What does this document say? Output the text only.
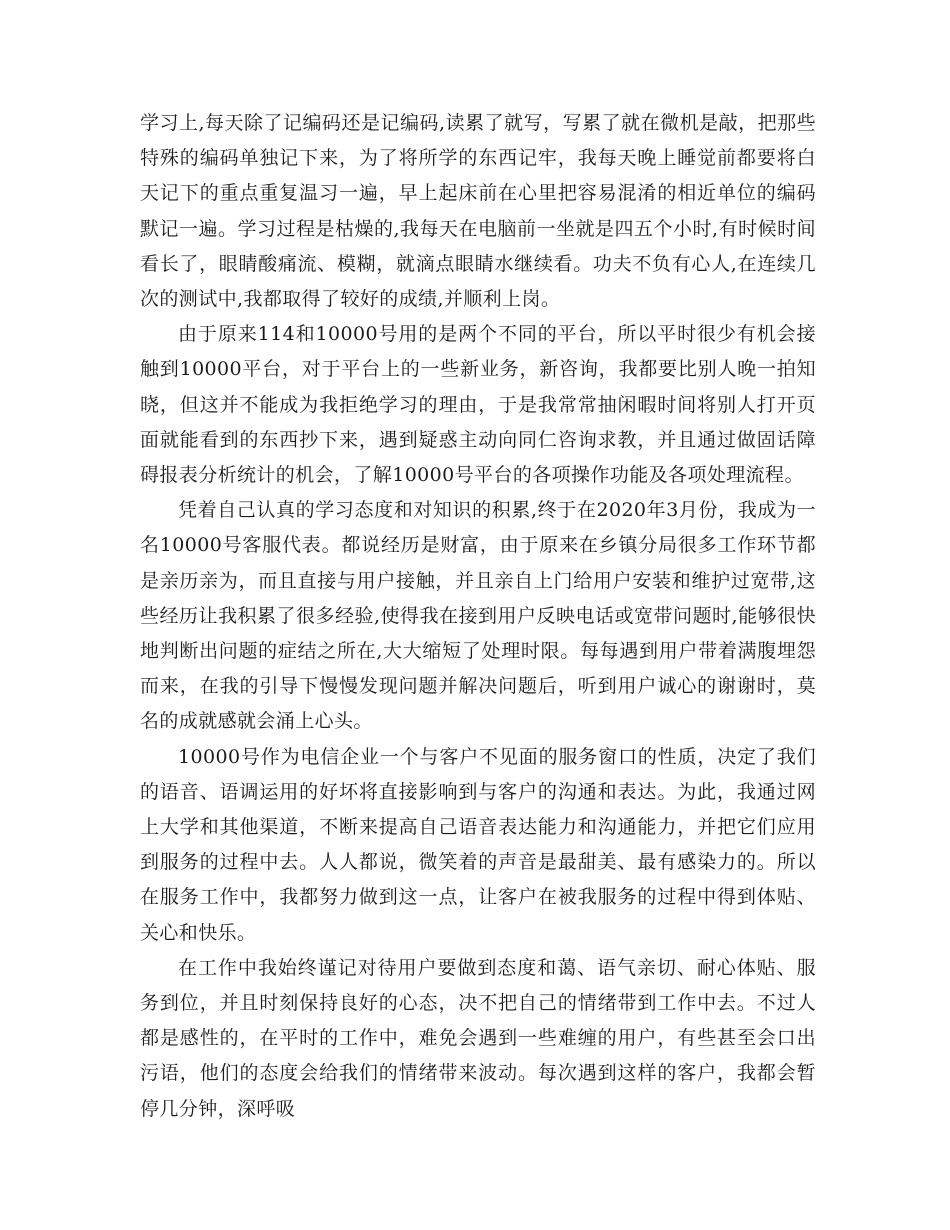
学习上,每天除了记编码还是记编码,读累了就写，写累了就在微机是敲，把那些特殊的编码单独记下来，为了将所学的东西记牢，我每天晚上睡觉前都要将白天记下的重点重复温习一遍，早上起床前在心里把容易混淆的相近单位的编码默记一遍。学习过程是枯燥的,我每天在电脑前一坐就是四五个小时,有时候时间看长了，眼睛酸痛流、模糊，就滴点眼睛水继续看。功夫不负有心人,在连续几次的测试中,我都取得了较好的成绩,并顺利上岗。

由于原来114和10000号用的是两个不同的平台，所以平时很少有机会接触到10000平台，对于平台上的一些新业务，新咨询，我都要比别人晚一拍知晓，但这并不能成为我拒绝学习的理由，于是我常常抽闲暇时间将别人打开页面就能看到的东西抄下来，遇到疑惑主动向同仁咨询求教，并且通过做固话障碍报表分析统计的机会，了解10000号平台的各项操作功能及各项处理流程。

凭着自己认真的学习态度和对知识的积累,终于在2020年3月份，我成为一名10000号客服代表。都说经历是财富，由于原来在乡镇分局很多工作环节都是亲历亲为，而且直接与用户接触，并且亲自上门给用户安装和维护过宽带,这些经历让我积累了很多经验,使得我在接到用户反映电话或宽带问题时,能够很快地判断出问题的症结之所在,大大缩短了处理时限。每每遇到用户带着满腹埋怨而来，在我的引导下慢慢发现问题并解决问题后，听到用户诚心的谢谢时，莫名的成就感就会涌上心头。

10000号作为电信企业一个与客户不见面的服务窗口的性质，决定了我们的语音、语调运用的好坏将直接影响到与客户的沟通和表达。为此，我通过网上大学和其他渠道，不断来提高自己语音表达能力和沟通能力，并把它们应用到服务的过程中去。人人都说，微笑着的声音是最甜美、最有感染力的。所以在服务工作中，我都努力做到这一点，让客户在被我服务的过程中得到体贴、关心和快乐。

在工作中我始终谨记对待用户要做到态度和蔼、语气亲切、耐心体贴、服务到位，并且时刻保持良好的心态，决不把自己的情绪带到工作中去。不过人都是感性的，在平时的工作中，难免会遇到一些难缠的用户，有些甚至会口出污语，他们的态度会给我们的情绪带来波动。每次遇到这样的客户，我都会暂停几分钟，深呼吸
